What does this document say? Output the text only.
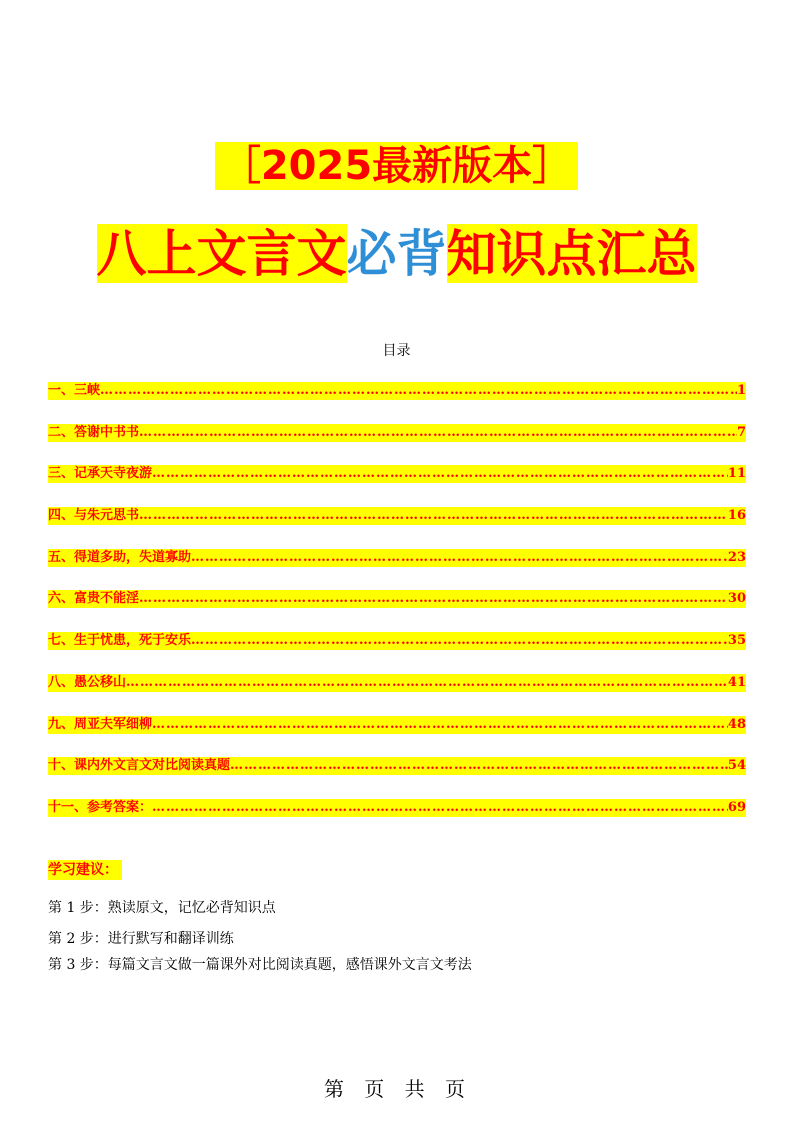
［2025最新版本］
八上文言文必背知识点汇总
目录
一、三峡 ………………………………………………………………………………………………………………………………………………………………………………………………………………………………………………	1
二、答谢中书书 ………………………………………………………………………………………………………………………………………………………………………………………………………………………………………………	7
三、记承天寺夜游 ………………………………………………………………………………………………………………………………………………………………………………………………………………………………………………	11
四、与朱元思书 ………………………………………………………………………………………………………………………………………………………………………………………………………………………………………………	16
五、得道多助，失道寡助 ………………………………………………………………………………………………………………………………………………………………………………………………………………………………………………	23
六、富贵不能淫 ………………………………………………………………………………………………………………………………………………………………………………………………………………………………………………	30
七、生于忧患，死于安乐 ………………………………………………………………………………………………………………………………………………………………………………………………………………………………………………	35
八、愚公移山 ………………………………………………………………………………………………………………………………………………………………………………………………………………………………………………	41
九、周亚夫军细柳 ………………………………………………………………………………………………………………………………………………………………………………………………………………………………………………	48
十、课内外文言文对比阅读真题 ………………………………………………………………………………………………………………………………………………………………………………………………………………………………………………	54
十一、参考答案： ………………………………………………………………………………………………………………………………………………………………………………………………………………………………………………	69
学习建议：
第 1 步：熟读原文，记忆必背知识点
第 2 步：进行默写和翻译训练
第 3 步：每篇文言文做一篇课外对比阅读真题，感悟课外文言文考法
第 页 共 页
